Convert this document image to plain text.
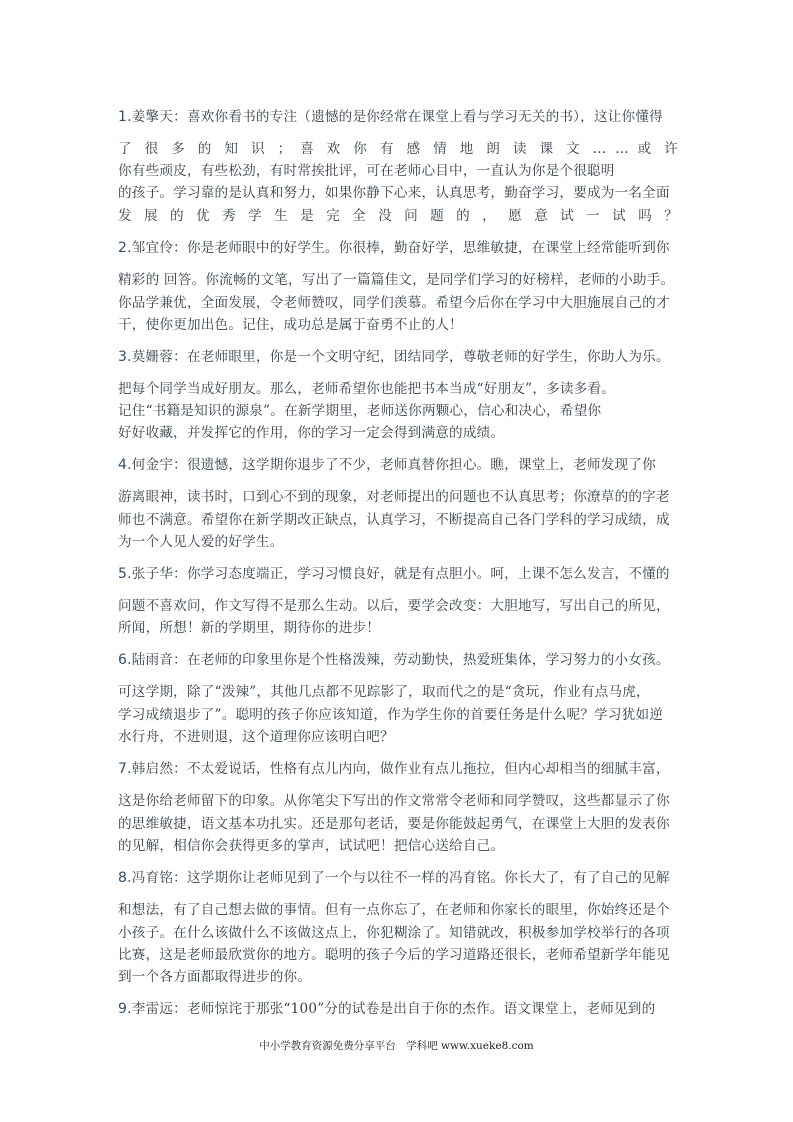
1.姜擎天：喜欢你看书的专注（遗憾的是你经常在课堂上看与学习无关的书），这让你懂得
了 很 多 的 知 识 ； 喜 欢 你 有 感 情 地 朗 读 课 文 … … 或 许
你有些顽皮，有些松劲，有时常挨批评，可在老师心目中，一直认为你是个很聪明
的孩子。学习靠的是认真和努力，如果你静下心来，认真思考，勤奋学习，要成为一名全面
发 展 的 优 秀 学 生 是 完 全 没 问 题 的 ， 愿 意 试 一 试 吗 ？
2.邹宜伶：你是老师眼中的好学生。你很棒，勤奋好学，思维敏捷，在课堂上经常能听到你
精彩的 回答。你流畅的文笔，写出了一篇篇佳文，是同学们学习的好榜样，老师的小助手。
你品学兼优，全面发展，令老师赞叹，同学们羡慕。希望今后你在学习中大胆施展自己的才
干，使你更加出色。记住，成功总是属于奋勇不止的人！
3.莫姗蓉：在老师眼里，你是一个文明守纪，团结同学，尊敬老师的好学生，你助人为乐。
把每个同学当成好朋友。那么，老师希望你也能把书本当成“好朋友”，多读多看。
记住“书籍是知识的源泉”。在新学期里，老师送你两颗心，信心和决心，希望你
好好收藏，并发挥它的作用，你的学习一定会得到满意的成绩。
4.何金宇：很遗憾，这学期你退步了不少，老师真替你担心。瞧，课堂上，老师发现了你
游离眼神，读书时，口到心不到的现象，对老师提出的问题也不认真思考；你潦草的的字老
师也不满意。希望你在新学期改正缺点，认真学习，不断提高自己各门学科的学习成绩，成
为一个人见人爱的好学生。
5.张子华：你学习态度端正，学习习惯良好，就是有点胆小。呵，上课不怎么发言，不懂的
问题不喜欢问，作文写得不是那么生动。以后，要学会改变：大胆地写，写出自己的所见，
所闻，所想！新的学期里，期待你的进步！
6.陆雨音：在老师的印象里你是个性格泼辣，劳动勤快，热爱班集体，学习努力的小女孩。
可这学期，除了“泼辣”，其他几点都不见踪影了，取而代之的是“贪玩，作业有点马虎，
学习成绩退步了”。聪明的孩子你应该知道，作为学生你的首要任务是什么呢？学习犹如逆
水行舟，不进则退，这个道理你应该明白吧？
7.韩启然：不太爱说话，性格有点儿内向，做作业有点儿拖拉，但内心却相当的细腻丰富，
这是你给老师留下的印象。从你笔尖下写出的作文常常令老师和同学赞叹，这些都显示了你
的思维敏捷，语文基本功扎实。还是那句老话，要是你能鼓起勇气，在课堂上大胆的发表你
的见解，相信你会获得更多的掌声，试试吧！把信心送给自己。
8.冯育铭：这学期你让老师见到了一个与以往不一样的冯育铭。你长大了，有了自己的见解
和想法，有了自己想去做的事情。但有一点你忘了，在老师和你家长的眼里，你始终还是个
小孩子。在什么该做什么不该做这点上，你犯糊涂了。知错就改，积极参加学校举行的各项
比赛，这是老师最欣赏你的地方。聪明的孩子今后的学习道路还很长，老师希望新学年能见
到一个各方面都取得进步的你。
9.李雷远：老师惊诧于那张“100”分的试卷是出自于你的杰作。语文课堂上，老师见到的
中小学教育资源免费分享平台　学科吧 www.xueke8.com
